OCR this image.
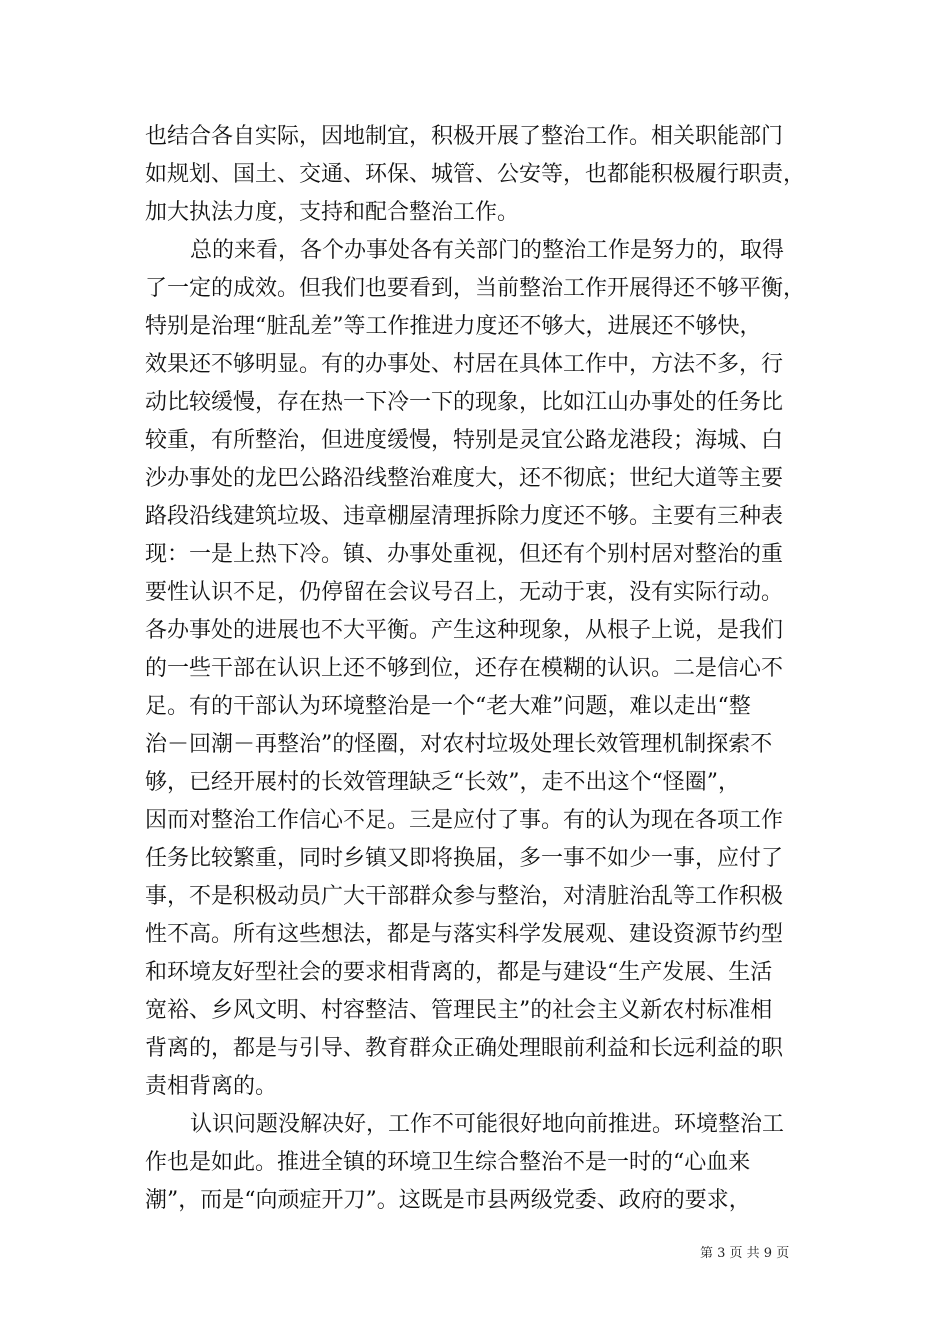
也结合各自实际，因地制宜，积极开展了整治工作。相关职能部门
如规划、国土、交通、环保、城管、公安等，也都能积极履行职责，
加大执法力度，支持和配合整治工作。
总的来看，各个办事处各有关部门的整治工作是努力的，取得
了一定的成效。但我们也要看到，当前整治工作开展得还不够平衡，
特别是治理“脏乱差”等工作推进力度还不够大，进展还不够快，
效果还不够明显。有的办事处、村居在具体工作中，方法不多，行
动比较缓慢，存在热一下冷一下的现象，比如江山办事处的任务比
较重，有所整治，但进度缓慢，特别是灵宜公路龙港段；海城、白
沙办事处的龙巴公路沿线整治难度大，还不彻底；世纪大道等主要
路段沿线建筑垃圾、违章棚屋清理拆除力度还不够。主要有三种表
现：一是上热下冷。镇、办事处重视，但还有个别村居对整治的重
要性认识不足，仍停留在会议号召上，无动于衷，没有实际行动。
各办事处的进展也不大平衡。产生这种现象，从根子上说，是我们
的一些干部在认识上还不够到位，还存在模糊的认识。二是信心不
足。有的干部认为环境整治是一个“老大难”问题，难以走出“整
治－回潮－再整治”的怪圈，对农村垃圾处理长效管理机制探索不
够，已经开展村的长效管理缺乏“长效”，走不出这个“怪圈”，
因而对整治工作信心不足。三是应付了事。有的认为现在各项工作
任务比较繁重，同时乡镇又即将换届，多一事不如少一事，应付了
事，不是积极动员广大干部群众参与整治，对清脏治乱等工作积极
性不高。所有这些想法，都是与落实科学发展观、建设资源节约型
和环境友好型社会的要求相背离的，都是与建设“生产发展、生活
宽裕、乡风文明、村容整洁、管理民主”的社会主义新农村标准相
背离的，都是与引导、教育群众正确处理眼前利益和长远利益的职
责相背离的。
认识问题没解决好，工作不可能很好地向前推进。环境整治工
作也是如此。推进全镇的环境卫生综合整治不是一时的“心血来
潮”，而是“向顽症开刀”。这既是市县两级党委、政府的要求，
第 3 页 共 9 页
